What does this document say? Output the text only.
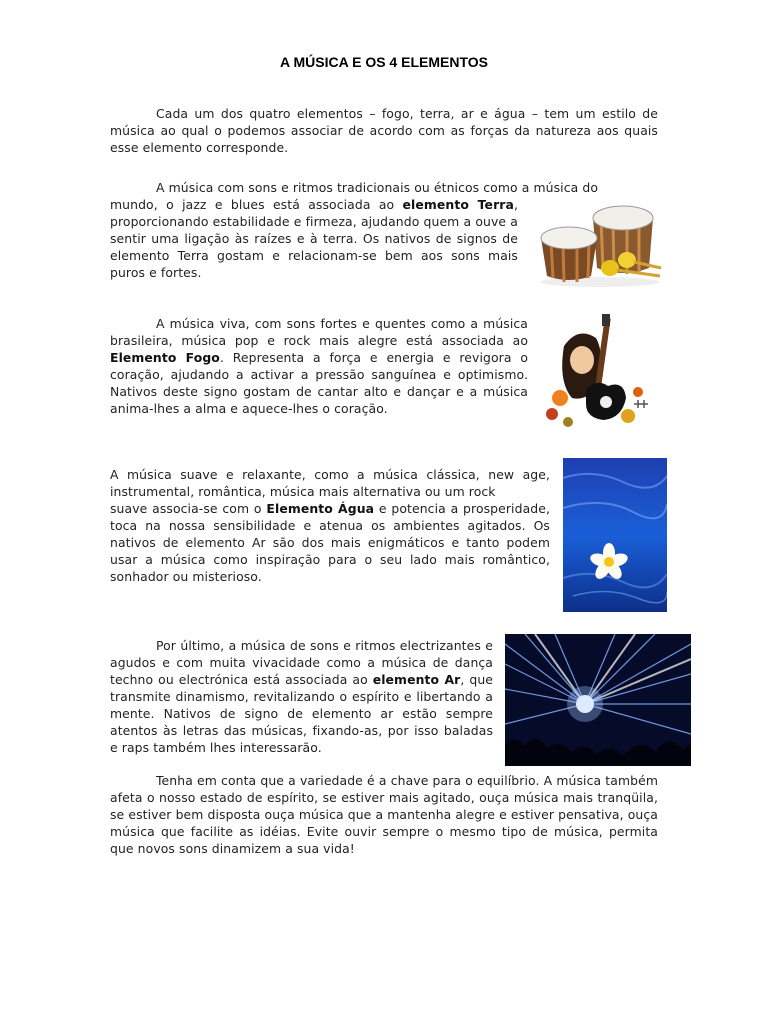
A MÚSICA E OS 4 ELEMENTOS

Cada um dos quatro elementos – fogo, terra, ar e água – tem um estilo de música ao qual o podemos associar de acordo com as forças da natureza aos quais esse elemento corresponde.

A música com sons e ritmos tradicionais ou étnicos como a música do

mundo, o jazz e blues está associada ao elemento Terra, proporcionando estabilidade e firmeza, ajudando quem a ouve a sentir uma ligação às raízes e à terra. Os nativos de signos de elemento Terra gostam e relacionam-se bem aos sons mais puros e fortes.

A música viva, com sons fortes e quentes como a música brasileira, música pop e rock mais alegre está associada ao Elemento Fogo. Representa a força e energia e revigora o coração, ajudando a activar a pressão sanguínea e optimismo. Nativos deste signo gostam de cantar alto e dançar e a música anima-lhes a alma e aquece-lhes o coração.

A música suave e relaxante, como a música clássica, new age, instrumental, romântica, música mais alternativa ou um rock

suave associa-se com o Elemento Água e potencia a prosperidade, toca na nossa sensibilidade e atenua os ambientes agitados. Os nativos de elemento Ar são dos mais enigmáticos e tanto podem usar a música como inspiração para o seu lado mais romântico, sonhador ou misterioso.

Por último, a música de sons e ritmos electrizantes e agudos e com muita vivacidade como a música de dança techno ou electrónica está associada ao elemento Ar, que transmite dinamismo, revitalizando o espírito e libertando a mente. Nativos de signo de elemento ar estão sempre atentos às letras das músicas, fixando-as, por isso baladas e raps também lhes interessarão.

Tenha em conta que a variedade é a chave para o equilíbrio. A música também afeta o nosso estado de espírito, se estiver mais agitado, ouça música mais tranqüila, se estiver bem disposta ouça música que a mantenha alegre e estiver pensativa, ouça música que facilite as idéias. Evite ouvir sempre o mesmo tipo de música, permita que novos sons dinamizem a sua vida!
